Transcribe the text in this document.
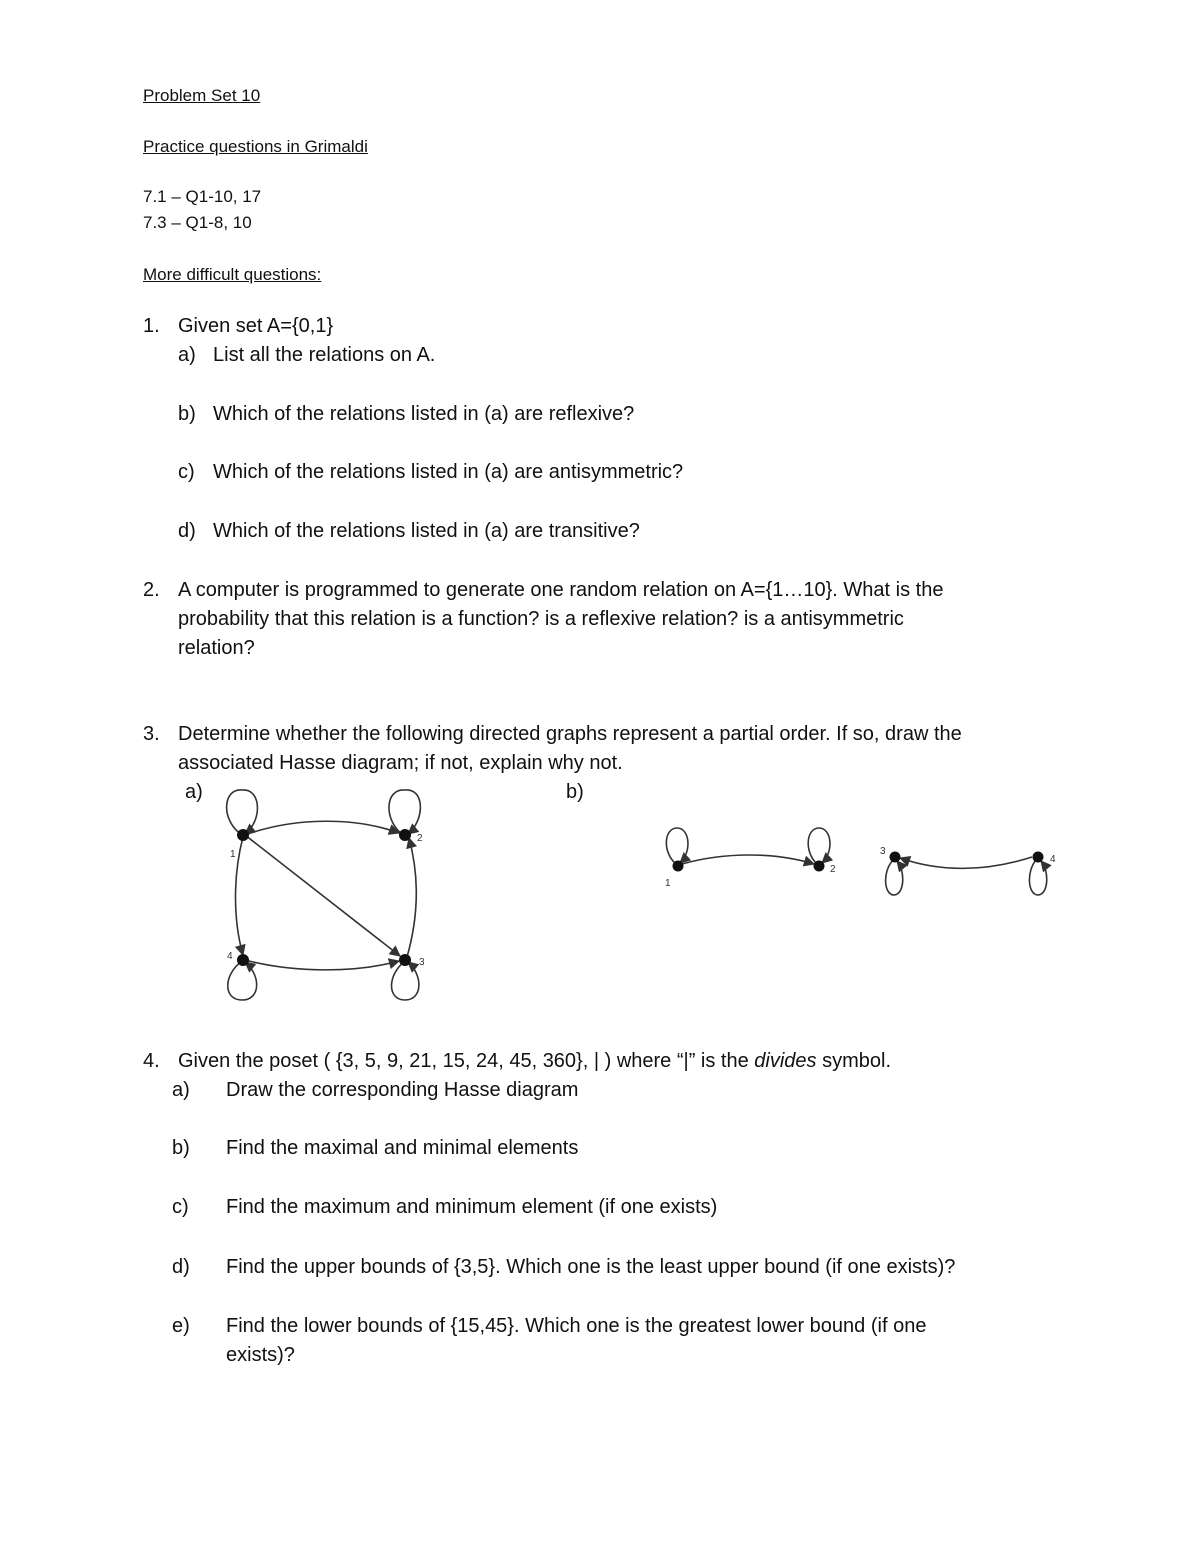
Problem Set 10
Practice questions in Grimaldi
7.1 – Q1-10, 17
7.3 – Q1-8, 10
More difficult questions:
1. Given set A={0,1}
a) List all the relations on A.
b) Which of the relations listed in (a) are reflexive?
c) Which of the relations listed in (a) are antisymmetric?
d) Which of the relations listed in (a) are transitive?
2. A computer is programmed to generate one random relation on A={1…10}. What is the
probability that this relation is a function? is a reflexive relation? is a antisymmetric
relation?
3. Determine whether the following directed graphs represent a partial order. If so, draw the
associated Hasse diagram; if not, explain why not.
a)	b)
1
2
3
4
1
2
3
4
4. Given the poset ( {3, 5, 9, 21, 15, 24, 45, 360}, | ) where “|” is the divides symbol.
a) Draw the corresponding Hasse diagram
b) Find the maximal and minimal elements
c) Find the maximum and minimum element (if one exists)
d) Find the upper bounds of {3,5}. Which one is the least upper bound (if one exists)?
e) Find the lower bounds of {15,45}. Which one is the greatest lower bound (if one
exists)?
